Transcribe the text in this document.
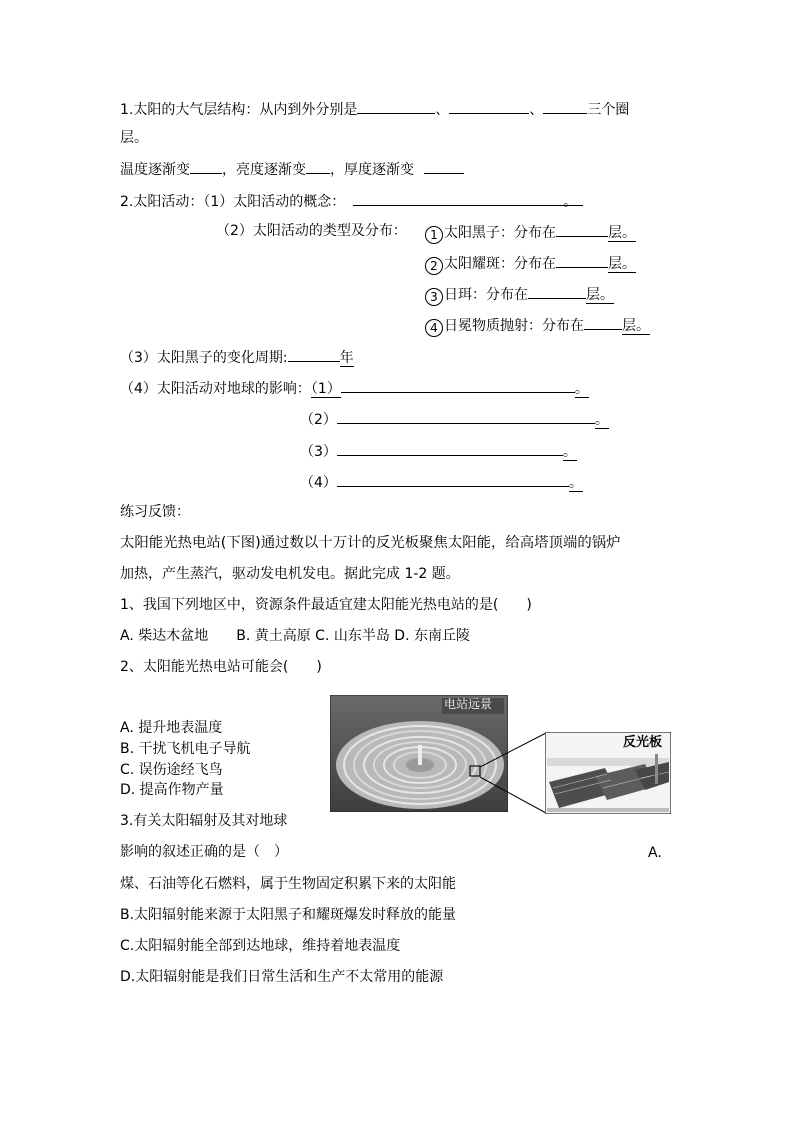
1.太阳的大气层结构：从内到外分别是	、	、	三个圈
层。
温度逐渐变 ，亮度逐渐变 ，厚度逐渐变
2.太阳活动：（1）太阳活动的概念：	。
（2）太阳活动的类型及分布：	1 太阳黑子：分布在	层。
2 太阳耀斑：分布在	层。
3 日珥：分布在	层。
4 日冕物质抛射：分布在	层。
（3）太阳黑子的变化周期:	年
（4）太阳活动对地球的影响：（1）	。
（2）	。
（3）	。
（4）	。
练习反馈：
太阳能光热电站(下图)通过数以十万计的反光板聚焦太阳能，给高塔顶端的锅炉
加热，产生蒸汽，驱动发电机发电。据此完成 1-2 题。
1、我国下列地区中，资源条件最适宜建太阳能光热电站的是(　　)
A. 柴达木盆地　　B. 黄土高原 C. 山东半岛 D. 东南丘陵
2、太阳能光热电站可能会(　　)
A. 提升地表温度
B. 干扰飞机电子导航
C. 误伤途经飞鸟
D. 提高作物产量
电站远景
反光板
3.有关太阳辐射及其对地球
影响的叙述正确的是（　）	A.
煤、石油等化石燃料，属于生物固定积累下来的太阳能
B.太阳辐射能来源于太阳黑子和耀斑爆发时释放的能量
C.太阳辐射能全部到达地球，维持着地表温度
D.太阳辐射能是我们日常生活和生产不太常用的能源
